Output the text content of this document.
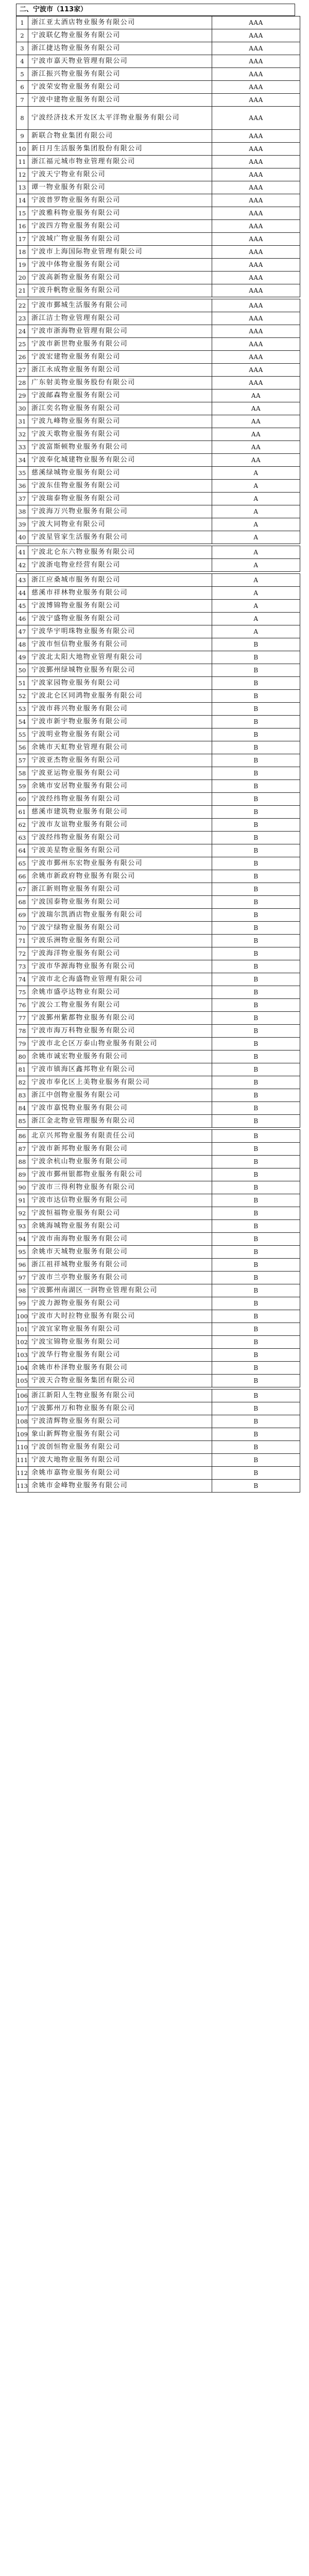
二、宁波市（113家）
1	浙江亚太酒店物业服务有限公司	AAA
2	宁波联亿物业服务有限公司	AAA
3	浙江捷达物业服务有限公司	AAA
4	宁波市嘉天物业管理有限公司	AAA
5	浙江振兴物业服务有限公司	AAA
6	宁波荣安物业服务有限公司	AAA
7	宁波中建物业服务有限公司	AAA
8	宁波经济技术开发区太平洋物业服务有限公司	AAA
9	新联合物业集团有限公司	AAA
10	新日月生活服务集团股份有限公司	AAA
11	浙江福元城市物业管理有限公司	AAA
12	宁波天宁物业有限公司	AAA
13	谭一物业服务有限公司	AAA
14	宁波普罗物业服务有限公司	AAA
15	宁波雅科物业服务有限公司	AAA
16	宁波四方物业服务有限公司	AAA
17	宁波城广物业服务有限公司	AAA
18	宁波市上海国际物业管理有限公司	AAA
19	宁波中体物业服务有限公司	AAA
20	宁波高新物业服务有限公司	AAA
21	宁波升帆物业服务有限公司	AAA

22	宁波市鄞城生活服务有限公司	AAA
23	浙江洁士物业管理有限公司	AAA
24	宁波市浙海物业管理有限公司	AAA
25	宁波市新世物业服务有限公司	AAA
26	宁波宏建物业服务有限公司	AAA
27	浙江永成物业服务有限公司	AAA
28	广东射美物业服务股份有限公司	AAA
29	宁波邮森物业服务有限公司	AA
30	浙江奕名物业服务有限公司	AA
31	宁波九峰物业服务有限公司	AA
32	宁波天歌物业服务有限公司	AA
33	宁波富斯顿物业服务有限公司	AA
34	宁波奉化城建物业服务有限公司	AA
35	慈溪绿城物业服务有限公司	A
36	宁波东佳物业服务有限公司	A
37	宁波瑞泰物业服务有限公司	A
38	宁波海万兴物业服务有限公司	A
39	宁波大同物业有限公司	A
40	宁波星管家生活服务有限公司	A

41	宁波北仑东六物业服务有限公司	A
42	宁波浙电物业经营有限公司	A

43	浙江应桑城市服务有限公司	A
44	慈溪市祥林物业服务有限公司	A
45	宁波博锦物业服务有限公司	A
46	宁波宁盛物业服务有限公司	A
47	宁波华宇明珠物业服务有限公司	A
48	宁波市恒信物业服务有限公司	B
49	宁波北太阳大地物业管理有限公司	B
50	宁波鄞州绿城物业服务有限公司	B
51	宁波家园物业服务有限公司	B
52	宁波北仑区同鸿物业服务有限公司	B
53	宁波市蒋兴物业服务有限公司	B
54	宁波市新宇物业服务有限公司	B
55	宁波明业物业服务有限公司	B
56	余姚市天虹物业管理有限公司	B
57	宁波亚杰物业服务有限公司	B
58	宁波亚运物业服务有限公司	B
59	余姚市安居物业服务有限公司	B
60	宁波经纬物业服务有限公司	B
61	慈溪市建筑物业服务有限公司	B
62	宁波市友谊物业服务有限公司	B
63	宁波经纬物业服务有限公司	B
64	宁波美星物业服务有限公司	B
65	宁波市鄞州东宏物业服务有限公司	B
66	余姚市新政府物业服务有限公司	B
67	浙江新则物业服务有限公司	B
68	宁波国泰物业服务有限公司	B
69	宁波瑞尔凯酒店物业服务有限公司	B
70	宁波宁绿物业服务有限公司	B
71	宁波乐洲物业服务有限公司	B
72	宁波海洋物业服务有限公司	B
73	宁波市华源海物业服务有限公司	B
74	宁波市北仑海盛物业管理有限公司	B
75	余姚市盛亭达物业有限公司	B
76	宁波公工物业服务有限公司	B
77	宁波鄞州紫都物业服务有限公司	B
78	宁波市海万科物业服务有限公司	B
79	宁波市北仑区万泰山物业服务有限公司	B
80	余姚市诚宏物业服务有限公司	B
81	宁波市镇海区鑫邦物业有限公司	B
82	宁波市奉化区上美物业服务有限公司	B
83	浙江中创物业服务有限公司	B
84	宁波市嘉悦物业服务有限公司	B
85	浙江金北物业管理服务有限公司	B

86	北京兴邦物业服务有限责任公司	B
87	宁波市新邦物业服务有限公司	B
88	宁波余杭山物业服务有限公司	B
89	宁波市鄞州银都物业服务有限公司	B
90	宁波市三得利物业服务有限公司	B
91	宁波市达信物业服务有限公司	B
92	宁波恒福物业服务有限公司	B
93	余姚海城物业服务有限公司	B
94	宁波市南海物业服务有限公司	B
95	余姚市天城物业服务有限公司	B
96	浙江祖祥城物业服务有限公司	B
97	宁波市兰亭物业服务有限公司	B
98	宁波鄞州南湖区一润物业管理有限公司	B
99	宁波力源物业服务有限公司	B
100	宁波市大时拉物业服务有限公司	B
101	宁波宜家物业服务有限公司	B
102	宁波宝锦物业服务有限公司	B
103	宁波华行物业服务有限公司	B
104	余姚市朴泽物业服务有限公司	B
105	宁波天合物业服务集团有限公司	B

106	浙江新阳人生物业服务有限公司	B
107	宁波鄞州万和物业服务有限公司	B
108	宁波清辉物业服务有限公司	B
109	象山新辉物业服务有限公司	B
110	宁波创恒物业服务有限公司	B
111	宁波大地物业服务有限公司	B
112	余姚市嘉物业服务有限公司	B
113	余姚市金峰物业服务有限公司	B
